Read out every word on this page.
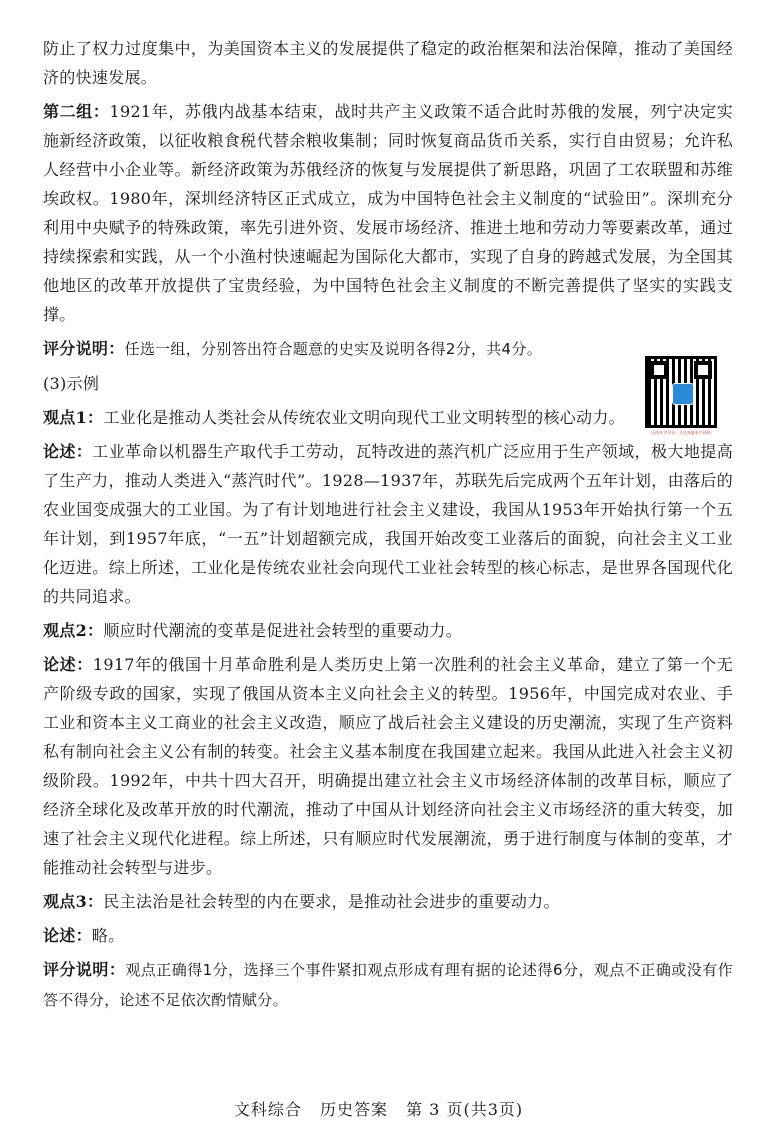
防止了权力过度集中，为美国资本主义的发展提供了稳定的政治框架和法治保障，推动了美国经济的快速发展。

第二组：1921年，苏俄内战基本结束，战时共产主义政策不适合此时苏俄的发展，列宁决定实施新经济政策，以征收粮食税代替余粮收集制；同时恢复商品货币关系，实行自由贸易；允许私人经营中小企业等。新经济政策为苏俄经济的恢复与发展提供了新思路，巩固了工农联盟和苏维埃政权。1980年，深圳经济特区正式成立，成为中国特色社会主义制度的“试验田”。深圳充分利用中央赋予的特殊政策，率先引进外资、发展市场经济、推进土地和劳动力等要素改革，通过持续探索和实践，从一个小渔村快速崛起为国际化大都市，实现了自身的跨越式发展，为全国其他地区的改革开放提供了宝贵经验，为中国特色社会主义制度的不断完善提供了坚实的实践支撑。

评分说明：任选一组，分别答出符合题意的史实及说明各得2分，共4分。

(3)示例

观点1：工业化是推动人类社会从传统农业文明向现代工业文明转型的核心动力。

论述：工业革命以机器生产取代手工劳动，瓦特改进的蒸汽机广泛应用于生产领域，极大地提高了生产力，推动人类进入“蒸汽时代”。1928—1937年，苏联先后完成两个五年计划，由落后的农业国变成强大的工业国。为了有计划地进行社会主义建设，我国从1953年开始执行第一个五年计划，到1957年底，“一五”计划超额完成，我国开始改变工业落后的面貌，向社会主义工业化迈进。综上所述，工业化是传统农业社会向现代工业社会转型的核心标志，是世界各国现代化的共同追求。

观点2：顺应时代潮流的变革是促进社会转型的重要动力。

论述：1917年的俄国十月革命胜利是人类历史上第一次胜利的社会主义革命，建立了第一个无产阶级专政的国家，实现了俄国从资本主义向社会主义的转型。1956年，中国完成对农业、手工业和资本主义工商业的社会主义改造，顺应了战后社会主义建设的历史潮流，实现了生产资料私有制向社会主义公有制的转变。社会主义基本制度在我国建立起来。我国从此进入社会主义初级阶段。1992年，中共十四大召开，明确提出建立社会主义市场经济体制的改革目标，顺应了经济全球化及改革开放的时代潮流，推动了中国从计划经济向社会主义市场经济的重大转变，加速了社会主义现代化进程。综上所述，只有顺应时代发展潮流，勇于进行制度与体制的变革，才能推动社会转型与进步。

观点3：民主法治是社会转型的内在要求，是推动社会进步的重要动力。

论述：略。

评分说明：观点正确得1分，选择三个事件紧扣观点形成有理有据的论述得6分，观点不正确或没有作答不得分，论述不足依次酌情赋分。

山西升学平台 · 关注获取更多资料
文科综合 历史答案 第 3 页(共3页)
